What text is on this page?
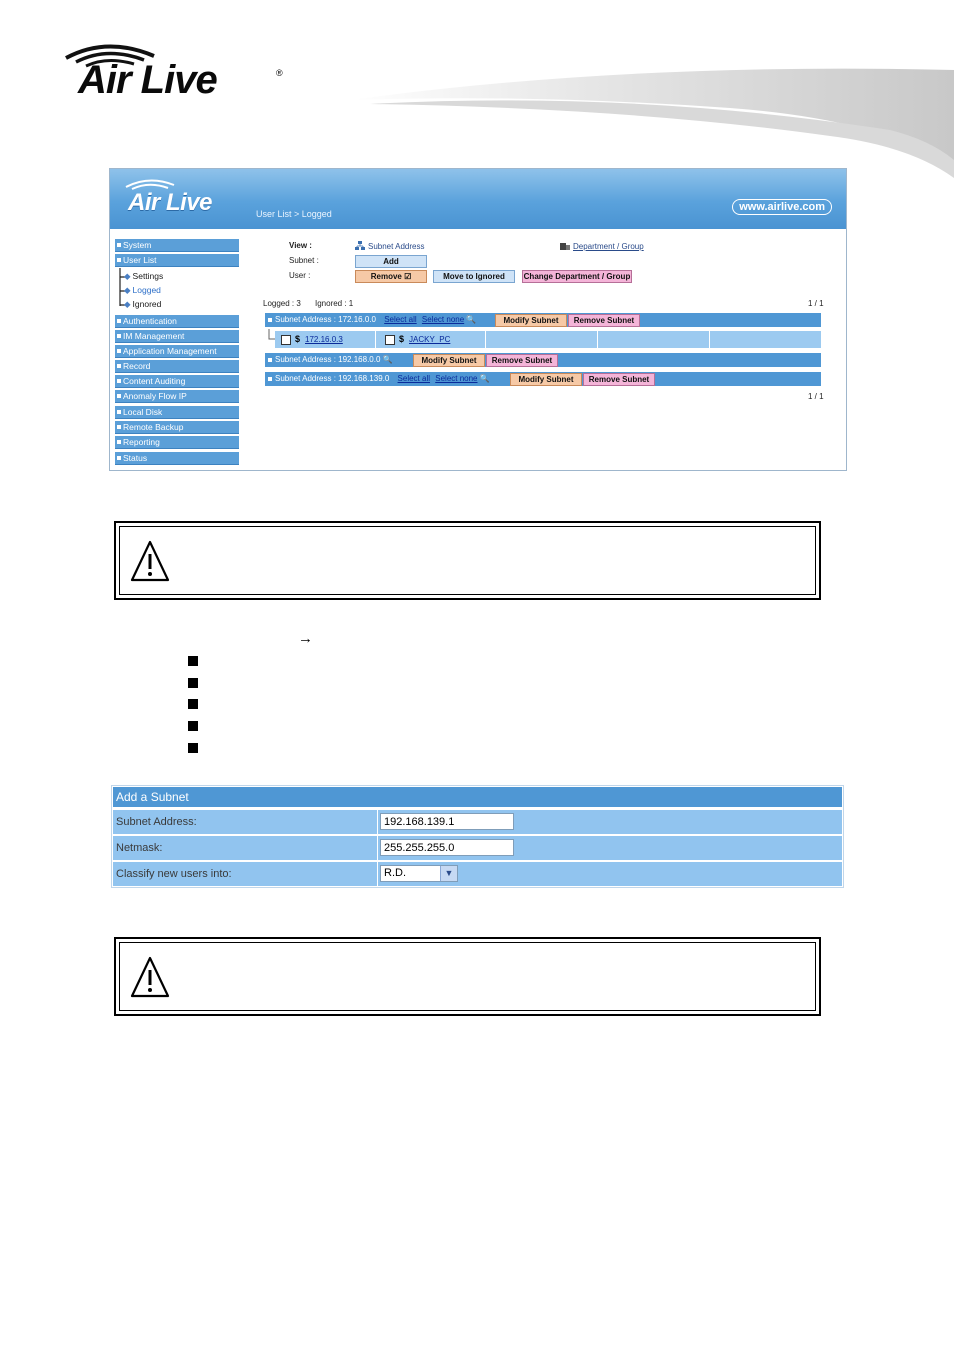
Air Live	®
Air Live	User List > Logged
www.airlive.com
System
User List
◆ Settings
◆ Logged
◆ Ignored
Authentication
IM Management
Application Management
Record
Content Auditing
Anomaly Flow IP
Local Disk
Remote Backup
Reporting
Status
View :	Subnet Address	Department / Group
Subnet :	Add
User :	Remove ☑	Move to Ignored	Change Department / Group
Logged : 3 Ignored : 1	1 / 1
Subnet Address : 172.16.0.0 Select all Select none 🔍	Modify Subnet	Remove Subnet
$ 172.16.0.3	$ JACKY_PC
Subnet Address : 192.168.0.0 🔍	Modify Subnet	Remove Subnet
Subnet Address : 192.168.139.0 Select all Select none 🔍	Modify Subnet	Remove Subnet
1 / 1
→
Add a Subnet
Subnet Address:	192.168.139.1
Netmask:	255.255.255.0
Classify new users into:	R.D.	▼
